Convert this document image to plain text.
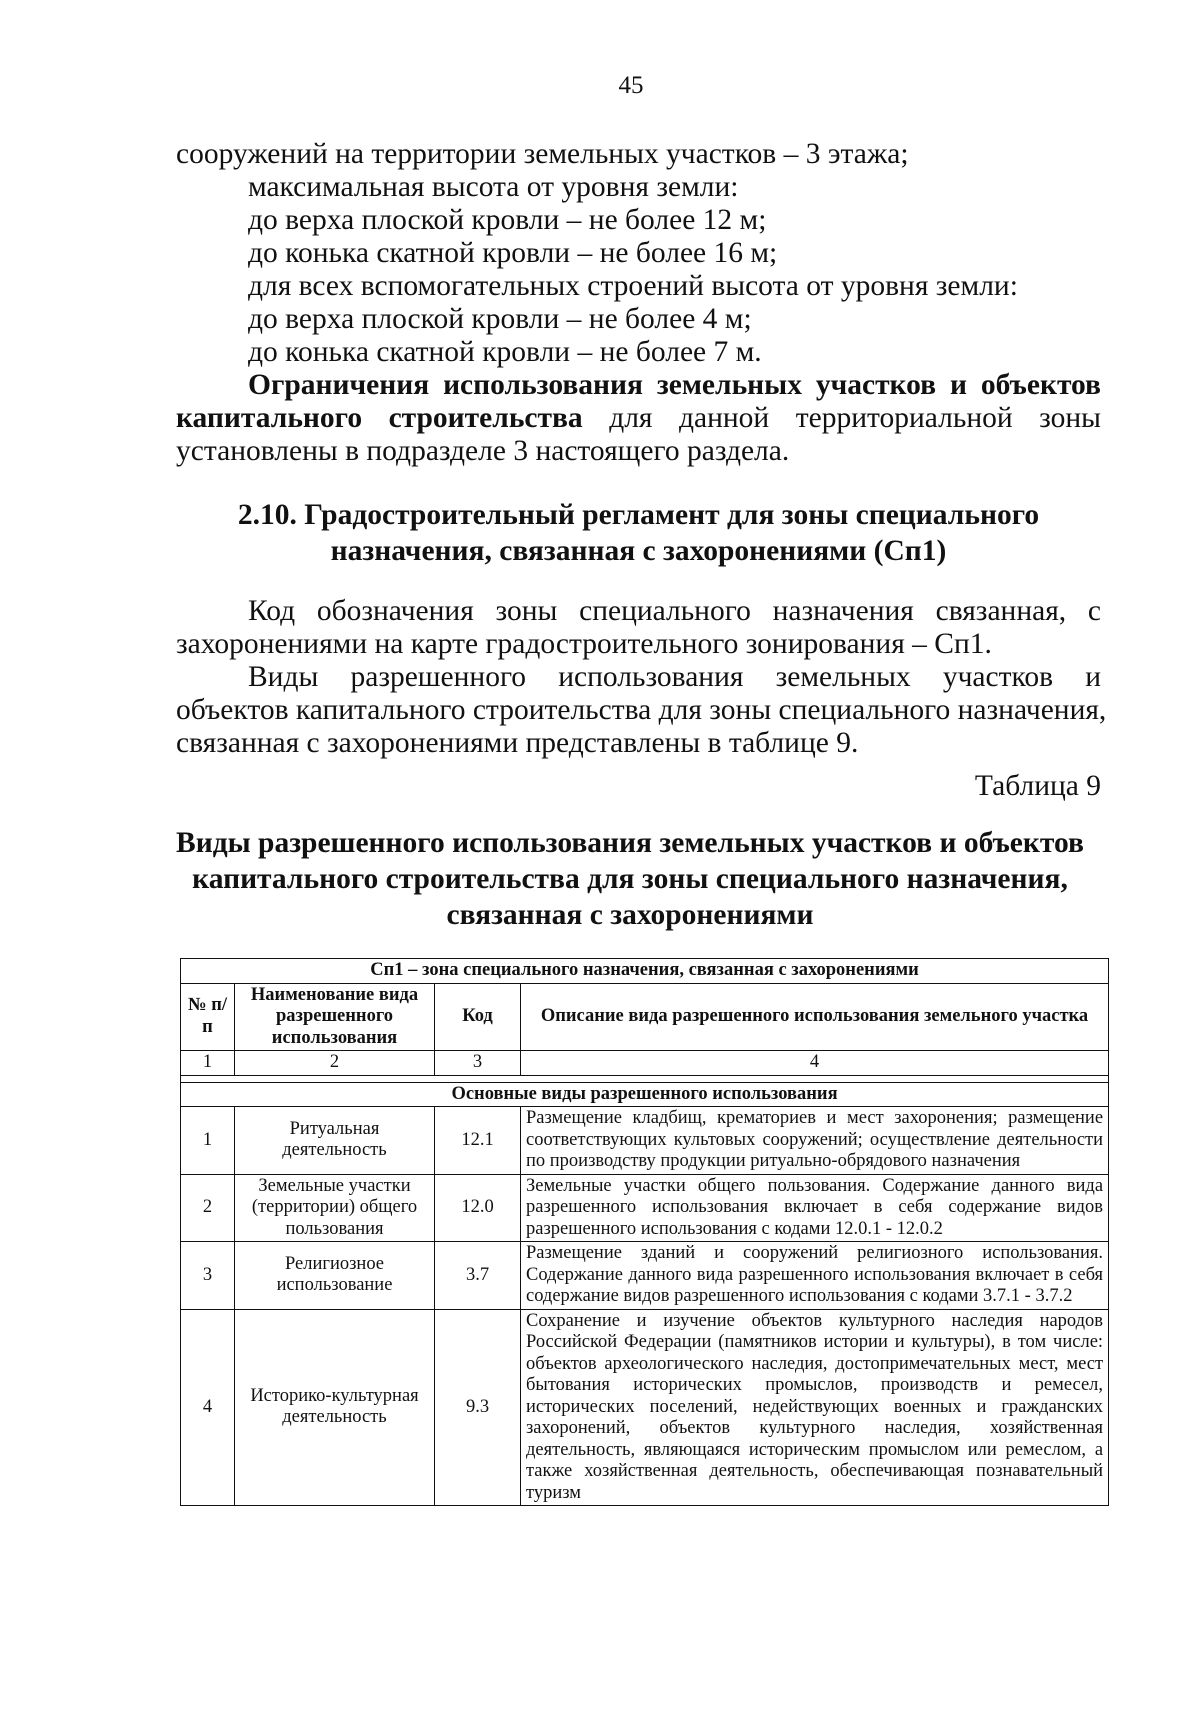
45
сооружений на территории земельных участков – 3 этажа;
максимальная высота от уровня земли:
до верха плоской кровли – не более 12 м;
до конька скатной кровли – не более 16 м;
для всех вспомогательных строений высота от уровня земли:
до верха плоской кровли – не более 4 м;
до конька скатной кровли – не более 7 м.
Ограничения использования земельных участков и объектов
капитального строительства для данной территориальной зоны
установлены в подразделе 3 настоящего раздела.
2.10. Градостроительный регламент для зоны специального
назначения, связанная с захоронениями (Сп1)
Код обозначения зоны специального назначения связанная, с
захоронениями на карте градостроительного зонирования – Сп1.
Виды разрешенного использования земельных участков и
объектов капитального строительства для зоны специального назначения,
связанная с захоронениями представлены в таблице 9.
Таблица 9
Виды разрешенного использования земельных участков и объектов
капитального строительства для зоны специального назначения,
связанная с захоронениями
Сп1 – зона специального назначения, связанная с захоронениями			
№ п/п	Наименование вида разрешенного использования	Код	Описание вида разрешенного использования земельного участка
1	2	3	4

Основные виды разрешенного использования			
1	Ритуальная деятельность	12.1	Размещение кладбищ, крематориев и мест захоронения; размещение соответствующих культовых сооружений; осуществление деятельности по производству продукции ритуально-обрядового назначения
2	Земельные участки (территории) общего пользования	12.0	Земельные участки общего пользования. Содержание данного вида разрешенного использования включает в себя содержание видов разрешенного использования с кодами 12.0.1 - 12.0.2
3	Религиозное использование	3.7	Размещение зданий и сооружений религиозного использования. Содержание данного вида разрешенного использования включает в себя содержание видов разрешенного использования с кодами 3.7.1 - 3.7.2
4	Историко-культурная деятельность	9.3	Сохранение и изучение объектов культурного наследия народов Российской Федерации (памятников истории и культуры), в том числе: объектов археологического наследия, достопримечательных мест, мест бытования исторических промыслов, производств и ремесел, исторических поселений, недействующих военных и гражданских захоронений, объектов культурного наследия, хозяйственная деятельность, являющаяся историческим промыслом или ремеслом, а также хозяйственная деятельность, обеспечивающая познавательный туризм
